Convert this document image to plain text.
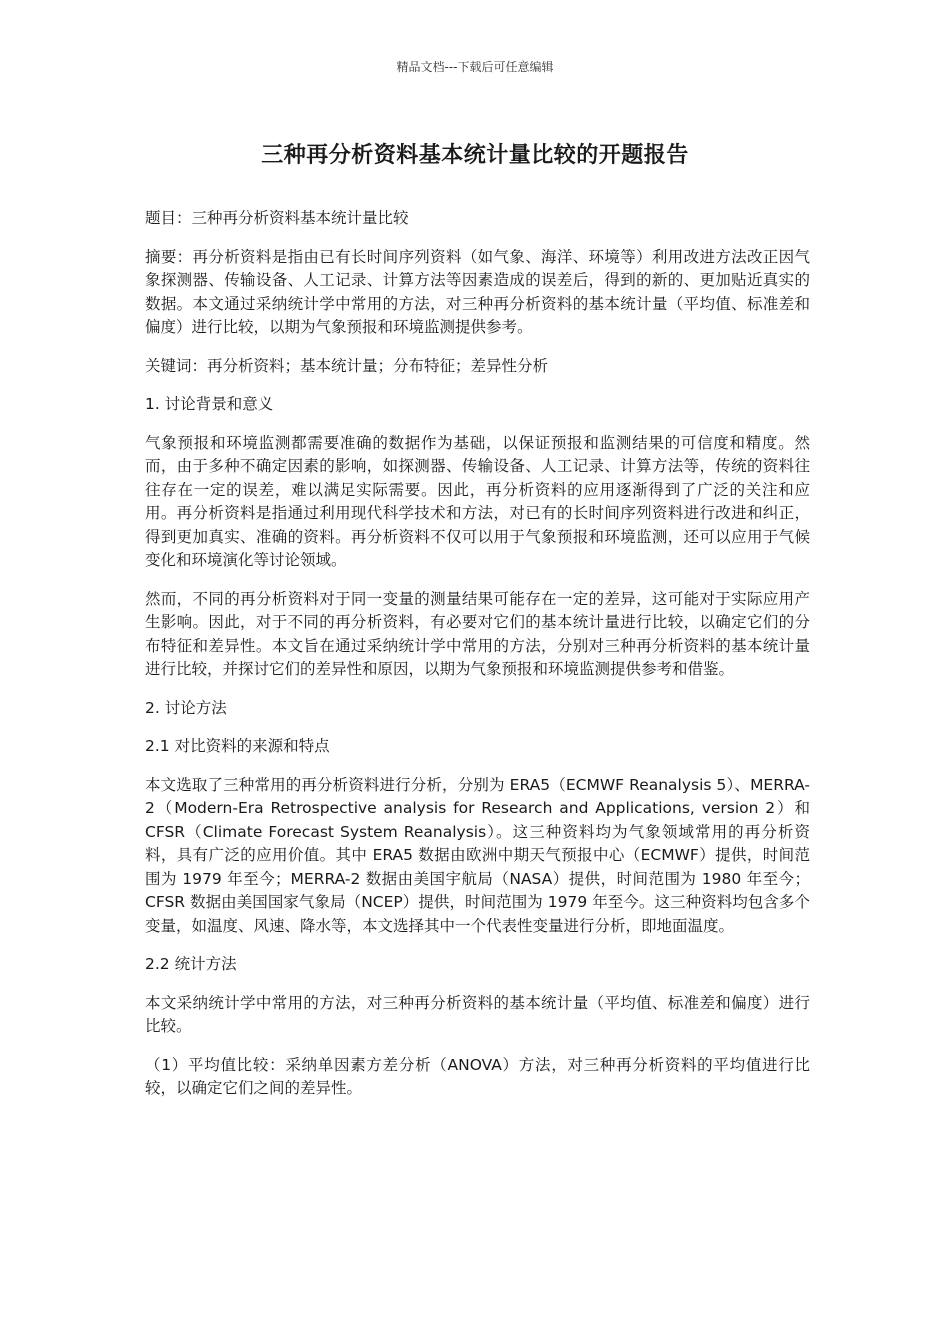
精品文档---下载后可任意编辑
三种再分析资料基本统计量比较的开题报告

题目：三种再分析资料基本统计量比较

摘要：再分析资料是指由已有长时间序列资料（如气象、海洋、环境等）利用改进方法改正因气象探测器、传输设备、人工记录、计算方法等因素造成的误差后，得到的新的、更加贴近真实的数据。本文通过采纳统计学中常用的方法，对三种再分析资料的基本统计量（平均值、标准差和偏度）进行比较，以期为气象预报和环境监测提供参考。

关键词：再分析资料；基本统计量；分布特征；差异性分析

1. 讨论背景和意义

气象预报和环境监测都需要准确的数据作为基础，以保证预报和监测结果的可信度和精度。然而，由于多种不确定因素的影响，如探测器、传输设备、人工记录、计算方法等，传统的资料往往存在一定的误差，难以满足实际需要。因此，再分析资料的应用逐渐得到了广泛的关注和应用。再分析资料是指通过利用现代科学技术和方法，对已有的长时间序列资料进行改进和纠正，得到更加真实、准确的资料。再分析资料不仅可以用于气象预报和环境监测，还可以应用于气候变化和环境演化等讨论领域。

然而，不同的再分析资料对于同一变量的测量结果可能存在一定的差异，这可能对于实际应用产生影响。因此，对于不同的再分析资料，有必要对它们的基本统计量进行比较，以确定它们的分布特征和差异性。本文旨在通过采纳统计学中常用的方法，分别对三种再分析资料的基本统计量进行比较，并探讨它们的差异性和原因，以期为气象预报和环境监测提供参考和借鉴。

2. 讨论方法

2.1 对比资料的来源和特点

本文选取了三种常用的再分析资料进行分析，分别为 ERA5（ECMWF Reanalysis 5）、MERRA-2（Modern-Era Retrospective analysis for Research and Applications, version 2）和 CFSR（Climate Forecast System Reanalysis）。这三种资料均为气象领域常用的再分析资料，具有广泛的应用价值。其中 ERA5 数据由欧洲中期天气预报中心（ECMWF）提供，时间范围为 1979 年至今；MERRA-2 数据由美国宇航局（NASA）提供，时间范围为 1980 年至今；CFSR 数据由美国国家气象局（NCEP）提供，时间范围为 1979 年至今。这三种资料均包含多个变量，如温度、风速、降水等，本文选择其中一个代表性变量进行分析，即地面温度。

2.2 统计方法

本文采纳统计学中常用的方法，对三种再分析资料的基本统计量（平均值、标准差和偏度）进行比较。

（1）平均值比较：采纳单因素方差分析（ANOVA）方法，对三种再分析资料的平均值进行比较，以确定它们之间的差异性。
